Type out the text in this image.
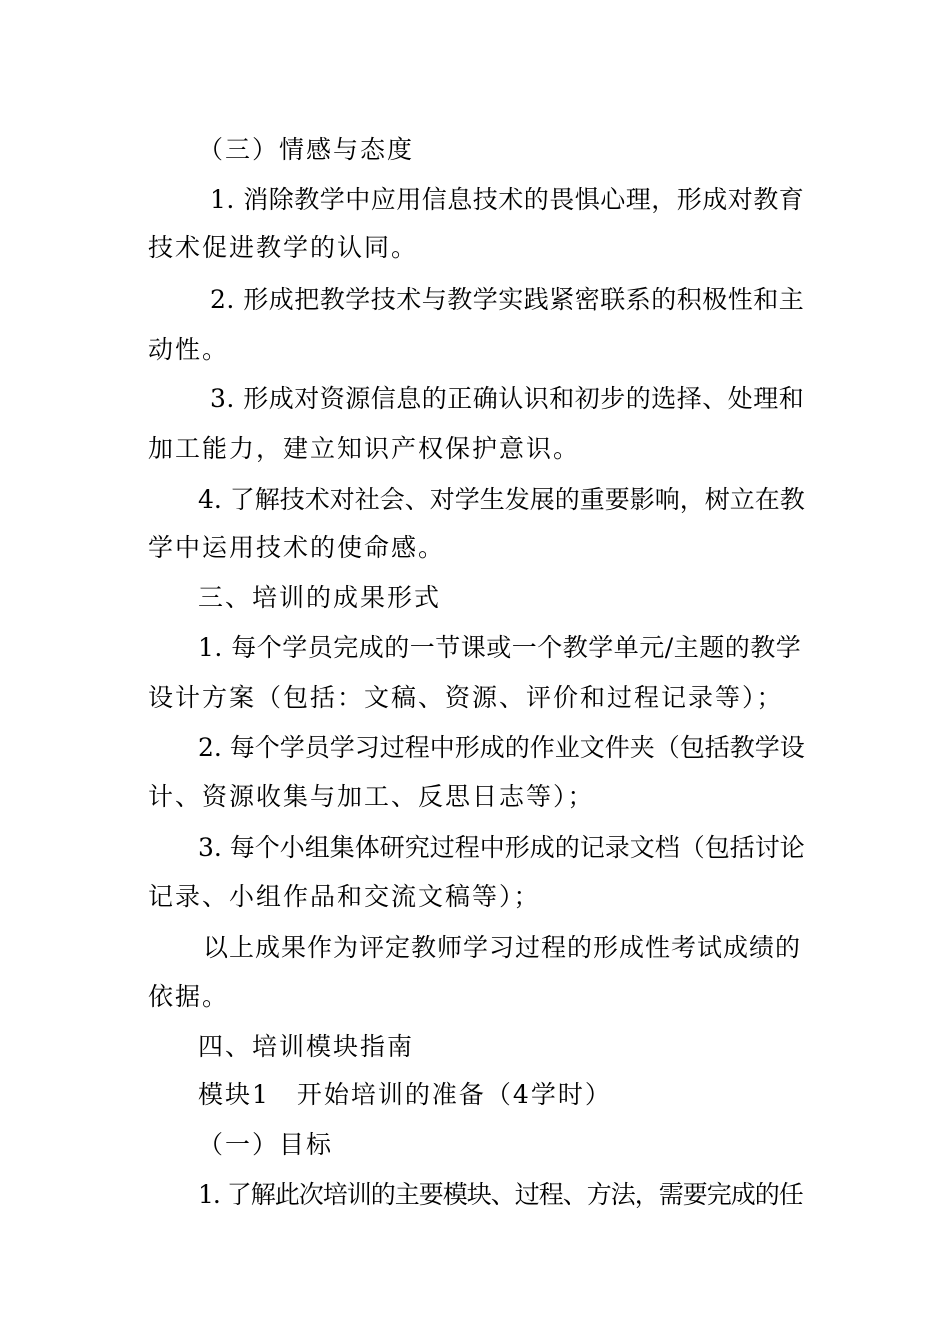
（三）情感与态度
1. 消除教学中应用信息技术的畏惧心理，形成对教育
技术促进教学的认同。
2. 形成把教学技术与教学实践紧密联系的积极性和主
动性。
3. 形成对资源信息的正确认识和初步的选择、处理和
加工能力，建立知识产权保护意识。
4. 了解技术对社会、对学生发展的重要影响，树立在教
学中运用技术的使命感。
三、培训的成果形式
1. 每个学员完成的一节课或一个教学单元/主题的教学
设计方案（包括：文稿、资源、评价和过程记录等）；
2. 每个学员学习过程中形成的作业文件夹（包括教学设
计、资源收集与加工、反思日志等）；
3. 每个小组集体研究过程中形成的记录文档（包括讨论
记录、小组作品和交流文稿等）；
以上成果作为评定教师学习过程的形成性考试成绩的
依据。
四、培训模块指南
模块1　开始培训的准备（4学时）
（一）目标
1. 了解此次培训的主要模块、过程、方法，需要完成的任
